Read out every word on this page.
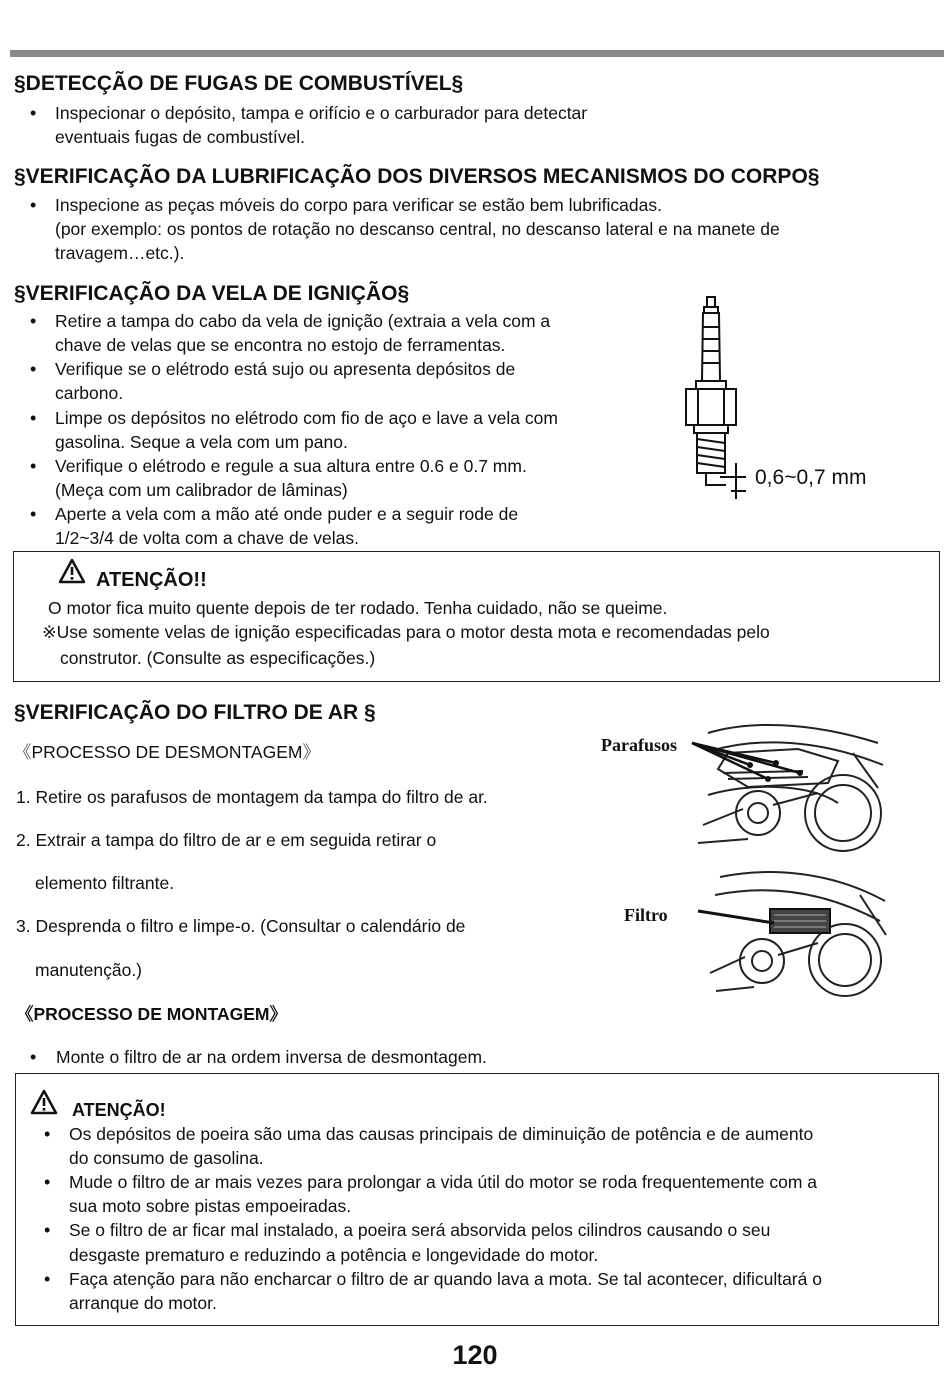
§DETECÇÃO DE FUGAS DE COMBUSTÍVEL§
• Inspecionar o depósito, tampa e orifício e o carburador para detectar
eventuais fugas de combustível.
§VERIFICAÇÃO DA LUBRIFICAÇÃO DOS DIVERSOS MECANISMOS DO CORPO§
• Inspecione as peças móveis do corpo para verificar se estão bem lubrificadas.
(por exemplo: os pontos de rotação no descanso central, no descanso lateral e na manete de
travagem…etc.).
§VERIFICAÇÃO DA VELA DE IGNIÇÃO§
• Retire a tampa do cabo da vela de ignição (extraia a vela com a
chave de velas que se encontra no estojo de ferramentas.
• Verifique se o elétrodo está sujo ou apresenta depósitos de
carbono.
• Limpe os depósitos no elétrodo com fio de aço e lave a vela com
gasolina. Seque a vela com um pano.
• Verifique o elétrodo e regule a sua altura entre 0.6 e 0.7 mm.
(Meça com um calibrador de lâminas)
• Aperte a vela com a mão até onde puder e a seguir rode de
1/2~3/4 de volta com a chave de velas.
0,6~0,7 mm
ATENÇÃO!!
O motor fica muito quente depois de ter rodado. Tenha cuidado, não se queime.
※Use somente velas de ignição especificadas para o motor desta mota e recomendadas pelo
construtor. (Consulte as especificações.)
§VERIFICAÇÃO DO FILTRO DE AR §
《PROCESSO DE DESMONTAGEM》
1. Retire os parafusos de montagem da tampa do filtro de ar.
2. Extrair a tampa do filtro de ar e em seguida retirar o
elemento filtrante.
3. Desprenda o filtro e limpe-o. (Consultar o calendário de
manutenção.)
《PROCESSO DE MONTAGEM》
• Monte o filtro de ar na ordem inversa de desmontagem.
Parafusos
Filtro
ATENÇÃO!
• Os depósitos de poeira são uma das causas principais de diminuição de potência e de aumento
do consumo de gasolina.
• Mude o filtro de ar mais vezes para prolongar a vida útil do motor se roda frequentemente com a
sua moto sobre pistas empoeiradas.
• Se o filtro de ar ficar mal instalado, a poeira será absorvida pelos cilindros causando o seu
desgaste prematuro e reduzindo a potência e longevidade do motor.
• Faça atenção para não encharcar o filtro de ar quando lava a mota. Se tal acontecer, dificultará o
arranque do motor.
120
